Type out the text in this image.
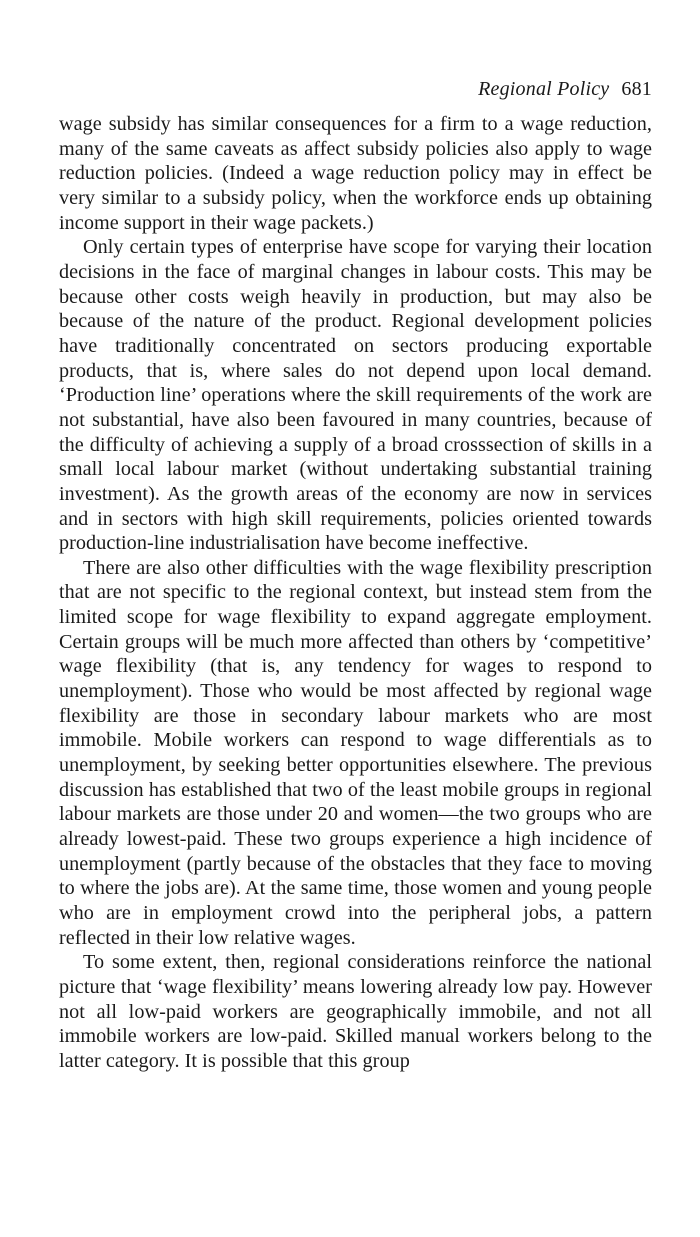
Regional Policy 681

wage subsidy has similar consequences for a firm to a wage reduction, many of the same caveats as affect subsidy policies also apply to wage reduction policies. (Indeed a wage reduction policy may in effect be very similar to a subsidy policy, when the workforce ends up obtaining income support in their wage packets.)

Only certain types of enterprise have scope for varying their location decisions in the face of marginal changes in labour costs. This may be because other costs weigh heavily in production, but may also be because of the nature of the product. Regional development policies have traditionally concentrated on sectors producing exportable products, that is, where sales do not depend upon local demand. ‘Production line’ operations where the skill requirements of the work are not substantial, have also been favoured in many countries, because of the difficulty of achieving a supply of a broad crosssection of skills in a small local labour market (without undertaking substantial training investment). As the growth areas of the economy are now in services and in sectors with high skill requirements, policies oriented towards production-line industrialisation have become ineffective.

There are also other difficulties with the wage flexibility prescription that are not specific to the regional context, but instead stem from the limited scope for wage flexibility to expand aggregate employment. Certain groups will be much more affected than others by ‘competitive’ wage flexibility (that is, any tendency for wages to respond to unemployment). Those who would be most affected by regional wage flexibility are those in secondary labour markets who are most immobile. Mobile workers can respond to wage differentials as to unemployment, by seeking better opportunities elsewhere. The previous discussion has established that two of the least mobile groups in regional labour markets are those under 20 and women—the two groups who are already lowest-paid. These two groups experience a high incidence of unemployment (partly because of the obstacles that they face to moving to where the jobs are). At the same time, those women and young people who are in employment crowd into the peripheral jobs, a pattern reflected in their low relative wages.

To some extent, then, regional considerations reinforce the national picture that ‘wage flexibility’ means lowering already low pay. However not all low-paid workers are geographically immobile, and not all immobile workers are low-paid. Skilled manual workers belong to the latter category. It is possible that this group
